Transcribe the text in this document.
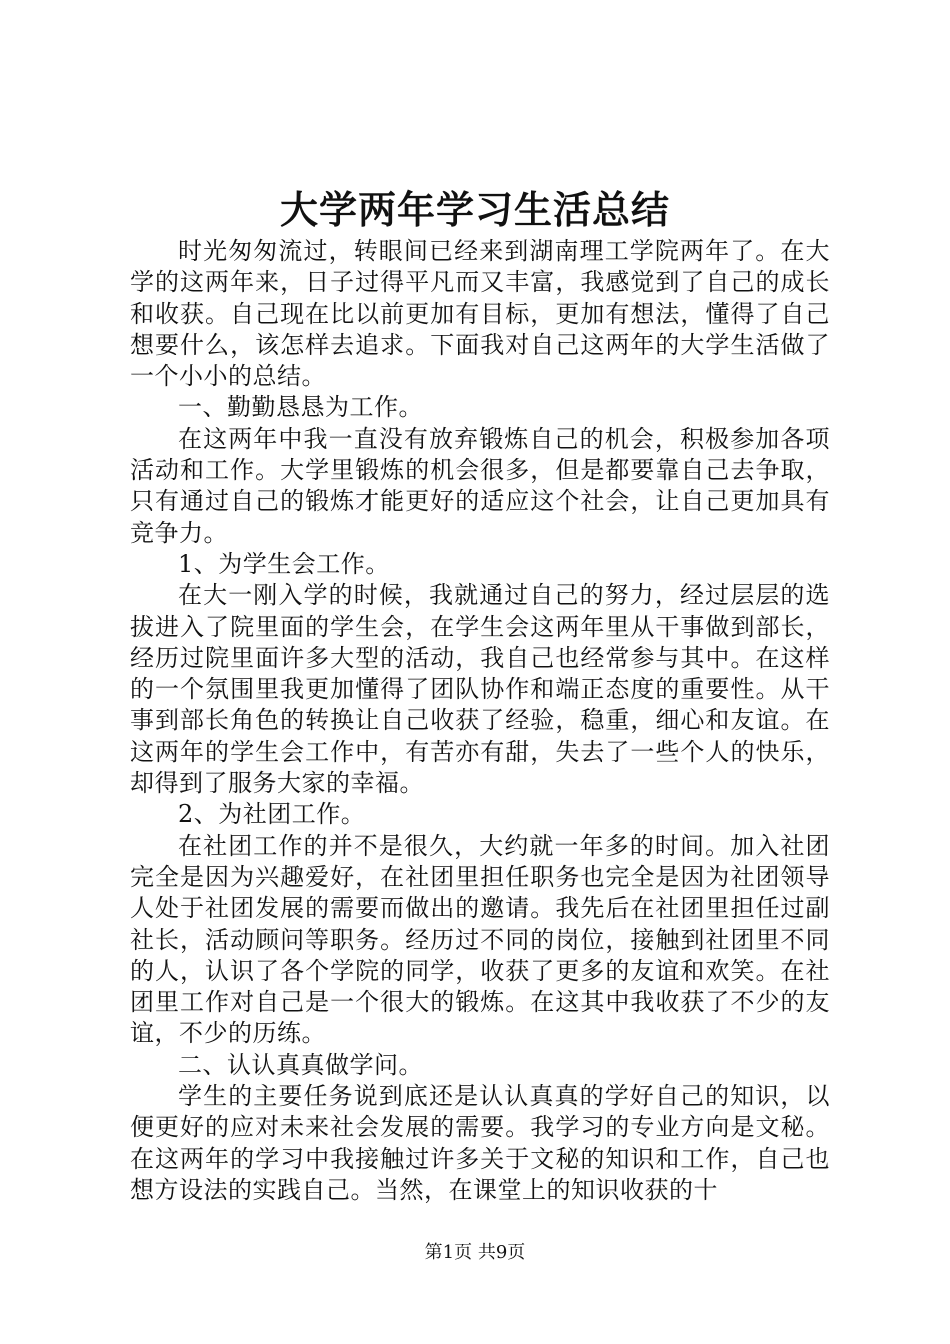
大学两年学习生活总结

时光匆匆流过，转眼间已经来到湖南理工学院两年了。在大学的这两年来，日子过得平凡而又丰富，我感觉到了自己的成长和收获。自己现在比以前更加有目标，更加有想法，懂得了自己想要什么，该怎样去追求。下面我对自己这两年的大学生活做了一个小小的总结。

一、勤勤恳恳为工作。

在这两年中我一直没有放弃锻炼自己的机会，积极参加各项活动和工作。大学里锻炼的机会很多，但是都要靠自己去争取，只有通过自己的锻炼才能更好的适应这个社会，让自己更加具有竞争力。

1、为学生会工作。

在大一刚入学的时候，我就通过自己的努力，经过层层的选拔进入了院里面的学生会，在学生会这两年里从干事做到部长，经历过院里面许多大型的活动，我自己也经常参与其中。在这样的一个氛围里我更加懂得了团队协作和端正态度的重要性。从干事到部长角色的转换让自己收获了经验，稳重，细心和友谊。在这两年的学生会工作中，有苦亦有甜，失去了一些个人的快乐，却得到了服务大家的幸福。

2、为社团工作。

在社团工作的并不是很久，大约就一年多的时间。加入社团完全是因为兴趣爱好，在社团里担任职务也完全是因为社团领导人处于社团发展的需要而做出的邀请。我先后在社团里担任过副社长，活动顾问等职务。经历过不同的岗位，接触到社团里不同的人，认识了各个学院的同学，收获了更多的友谊和欢笑。在社团里工作对自己是一个很大的锻炼。在这其中我收获了不少的友谊，不少的历练。

二、认认真真做学问。

学生的主要任务说到底还是认认真真的学好自己的知识，以便更好的应对未来社会发展的需要。我学习的专业方向是文秘。在这两年的学习中我接触过许多关于文秘的知识和工作，自己也想方设法的实践自己。当然，在课堂上的知识收获的十

第1页 共9页
